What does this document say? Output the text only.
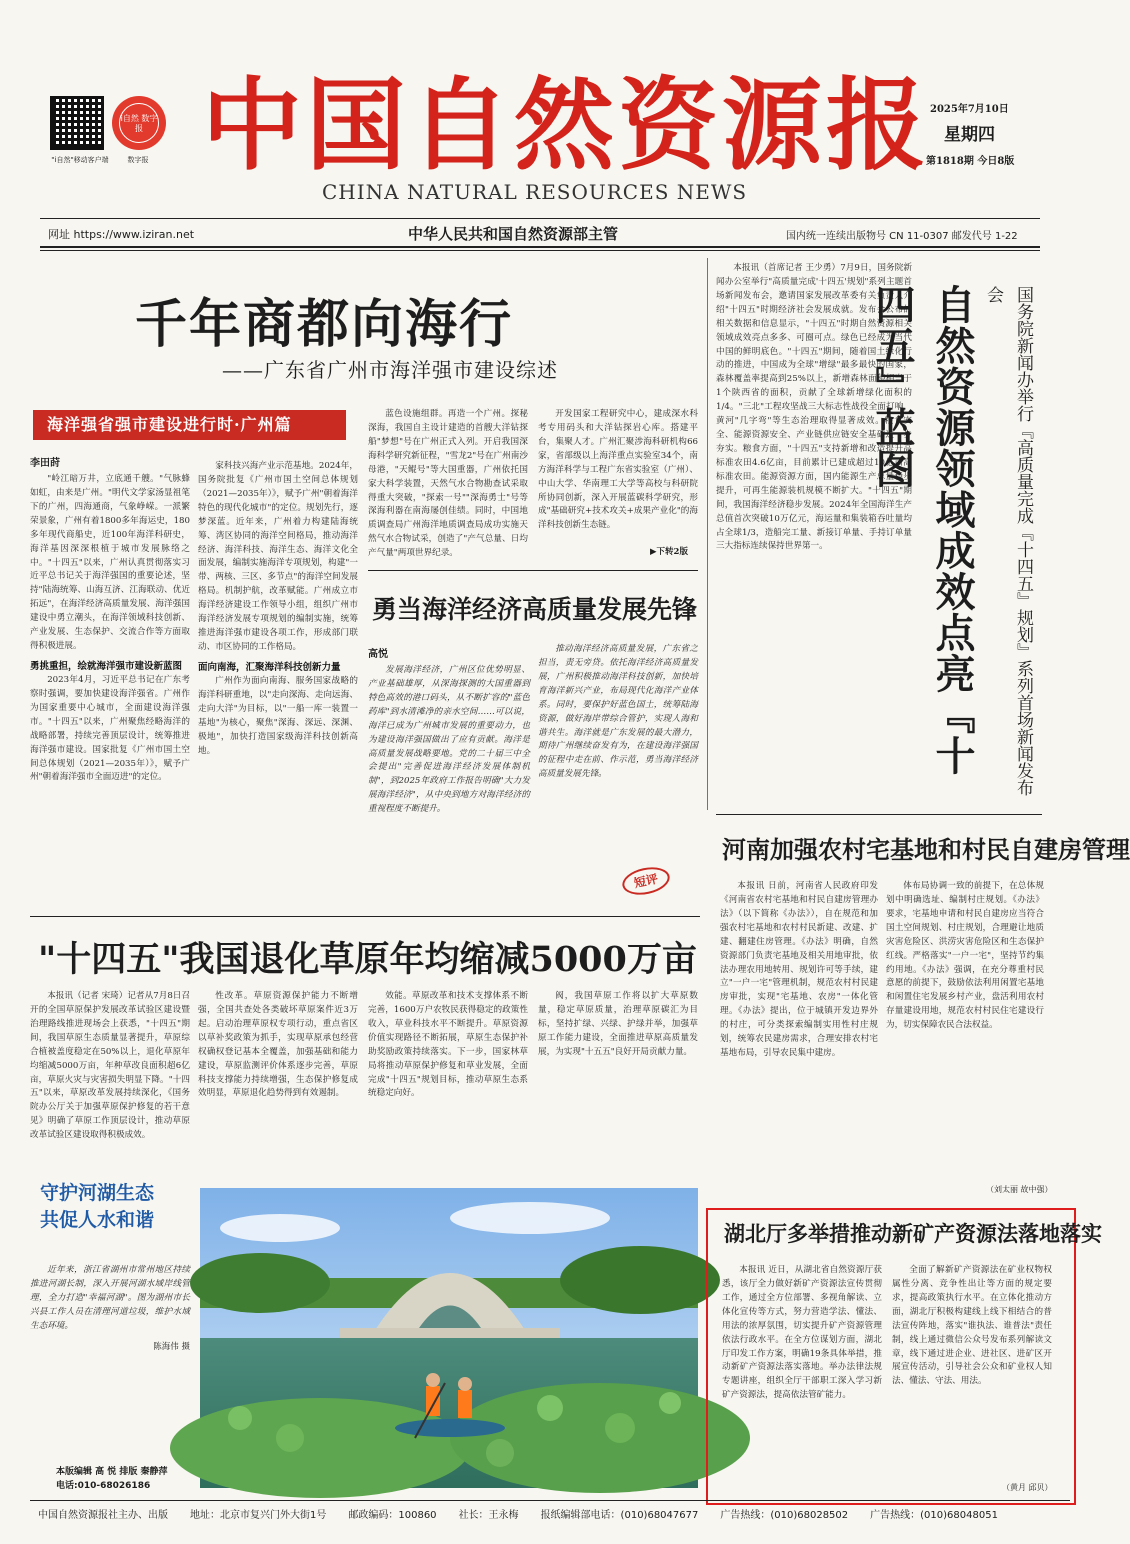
"i自然"移动客户端
i自然 数字报
数字报 中国自然资源报
CHINA NATURAL RESOURCES NEWS
2025年7月10日
星期四
第1818期 今日8版
网址 https://www.iziran.net	中华人民共和国自然资源部主管	国内统一连续出版物号 CN 11-0307 邮发代号 1-22
千年商都向海行
——广东省广州市海洋强市建设综述
海洋强省强市建设进行时·广州篇
李田莳

"岭江暗万井，立底通千艘。"气脉蜂如虹，由来是广州。"明代文学家汤显祖笔下的广州，四海通商，气象峥嵘。一派繁荣景象，广州有着1800多年海运史，180多年现代商船史，近100年海洋科研史，海洋基因深深根植于城市发展脉络之中。"十四五"以来，广州认真贯彻落实习近平总书记关于海洋强国的重要论述，坚持"陆海统筹、山海互济、江海联动、优近拓远"，在海洋经济高质量发展、海洋强国建设中勇立潮头，在海洋领域科技创新、产业发展、生态保护、交流合作等方面取得积极进展。

勇挑重担，绘就海洋强市建设新蓝图

2023年4月，习近平总书记在广东考察时强调，要加快建设海洋强省。广州作为国家重要中心城市，全面建设海洋强市。"十四五"以来，广州聚焦经略海洋的战略部署，持续完善顶层设计，统筹推进海洋强市建设。国家批复《广州市国土空间总体规划（2021—2035年）》，赋予广州"朝着海洋强市全面迈进"的定位。

家科技兴海产业示范基地。2024年，国务院批复《广州市国土空间总体规划（2021—2035年）》，赋予广州"朝着海洋特色的现代化城市"的定位。规划先行，逐梦深蓝。近年来，广州着力构建陆海统筹、湾区协同的海洋空间格局，推动海洋经济、海洋科技、海洋生态、海洋文化全面发展，编制实施海洋专项规划，构建"一带、两核、三区、多节点"的海洋空间发展格局。机制护航，改革赋能。广州成立市海洋经济建设工作领导小组，组织广州市海洋经济发展专项规划的编制实施，统筹推进海洋强市建设各项工作，形成部门联动、市区协同的工作格局。

面向南海，汇聚海洋科技创新力量

广州作为面向南海、服务国家战略的海洋科研重地，以"走向深海、走向远海、走向大洋"为目标，以"一船一库一装置一基地"为核心，聚焦"深海、深远、深渊、极地"，加快打造国家级海洋科技创新高地。

蓝色设施组群。再造一个广州。探秘深海，我国自主设计建造的首艘大洋钻探船"梦想"号在广州正式入列。开启我国深海科学研究新征程，"雪龙2"号在广州南沙母港，"天鲲号"等大国重器，广州依托国家大科学装置，天然气水合物勘查试采取得重大突破，"探索一号""深海勇士"号等深海利器在南海屡创佳绩。同时，中国地质调查局广州海洋地质调查局成功实施天然气水合物试采，创造了"产气总量、日均产气量"两项世界纪录。

开发国家工程研究中心，建成深水科考专用码头和大洋钻探岩心库。搭建平台，集聚人才。广州汇聚涉海科研机构66家，省部级以上海洋重点实验室34个，南方海洋科学与工程广东省实验室（广州）、中山大学、华南理工大学等高校与科研院所协同创新，深入开展蓝碳科学研究，形成"基础研究+技术攻关+成果产业化"的海洋科技创新生态链。

▶下转2版
勇当海洋经济高质量发展先锋
高悦

发展海洋经济，广州区位优势明显、产业基础雄厚，从深海探测的大国重器到特色高效的港口码头，从不断扩容的"蓝色药库"到水清滩净的亲水空间……可以说，海洋已成为广州城市发展的重要动力，也为建设海洋强国做出了应有贡献。海洋是高质量发展战略要地。党的二十届三中全会提出"完善促进海洋经济发展体制机制"，到2025年政府工作报告明确"大力发展海洋经济"，从中央到地方对海洋经济的重视程度不断提升。

推动海洋经济高质量发展，广东省之担当，责无旁贷。依托海洋经济高质量发展，广州积极推动海洋科技创新，加快培育海洋新兴产业，布局现代化海洋产业体系。同时，要保护好蓝色国土，统筹陆海资源，做好海岸带综合管护，实现人海和谐共生。海洋就是广东发展的最大潜力，期待广州继续奋发有为，在建设海洋强国的征程中走在前、作示范，勇当海洋经济高质量发展先锋。

短评

本报讯（首席记者 王少勇）7月9日，国务院新闻办公室举行"高质量完成'十四五'规划"系列主题首场新闻发布会，邀请国家发展改革委有关负责人介绍"十四五"时期经济社会发展成就。发布会公布的相关数据和信息显示，"十四五"时期自然资源相关领域成效亮点多多、可圈可点。绿色已经成为当代中国的鲜明底色。"十四五"期间，随着国土绿化行动的推进，中国成为全球"增绿"最多最快的国家，森林覆盖率提高到25%以上，新增森林面积相当于1个陕西省的面积，贡献了全球新增绿化面积的1/4。"三北"工程攻坚战三大标志性战役全面打响，黄河"几字弯"等生态治理取得显著成效。粮食安全、能源资源安全、产业链供应链安全基础进一步夯实。粮食方面，"十四五"支持新增和改造提升高标准农田4.6亿亩，目前累计已建成超过10亿亩高标准农田。能源资源方面，国内能源生产总量稳步提升，可再生能源装机规模不断扩大。"十四五"期间，我国海洋经济稳步发展。2024年全国海洋生产总值首次突破10万亿元，海运量和集装箱吞吐量均占全球1/3，造船完工量、新接订单量、手持订单量三大指标连续保持世界第一。	自然资源领域成效点亮『十四五』蓝图	国务院新闻办举行『高质量完成『十四五』规划』系列首场新闻发布会
河南加强农村宅基地和村民自建房管理

本报讯 日前，河南省人民政府印发《河南省农村宅基地和村民自建房管理办法》（以下简称《办法》），自在规范和加强农村宅基地和农村村民新建、改建、扩建、翻建住房管理。《办法》明确，自然资源部门负责宅基地及相关用地审批，依法办理农用地转用、规划许可等手续，建立"一户一宅"管理机制，规范农村村民建房审批，实现"宅基地、农房"一体化管理。《办法》提出，位于城镇开发边界外的村庄，可分类探索编制实用性村庄规划，统筹农民建房需求，合理安排农村宅基地布局，引导农民集中建房。

体布局协调一致的前提下，在总体规划中明确选址、编制村庄规划。《办法》要求，宅基地申请和村民自建房应当符合国土空间规划、村庄规划，合理避让地质灾害危险区、洪涝灾害危险区和生态保护红线。严格落实"一户一宅"，坚持节约集约用地。《办法》强调，在充分尊重村民意愿的前提下，鼓励依法利用闲置宅基地和闲置住宅发展乡村产业，盘活利用农村存量建设用地，规范农村村民住宅建设行为，切实保障农民合法权益。

（刘太丽 故中强）
"十四五"我国退化草原年均缩减5000万亩

本报讯（记者 宋琦）记者从7月8日召开的全国草原保护发展改革试验区建设暨治理路线推进现场会上获悉，"十四五"期间，我国草原生态质量显著提升，草原综合植被盖度稳定在50%以上，退化草原年均缩减5000万亩，年种草改良面积超6亿亩，草原火灾与灾害损失明显下降。"十四五"以来，草原改革发展持续深化，《国务院办公厅关于加强草原保护修复的若干意见》明确了草原工作顶层设计，推动草原改革试验区建设取得积极成效。

性改革。草原资源保护能力不断增强，全国共查处各类破坏草原案件近3万起。启动治理草原权专项行动，重点省区以草补奖政策为抓手，实现草原承包经营权确权登记基本全覆盖，加强基础和能力建设，草原监测评价体系逐步完善，草原科技支撑能力持续增强，生态保护修复成效明显，草原退化趋势得到有效遏制。

效能。草原改革和技术支撑体系不断完善，1600万户农牧民获得稳定的政策性收入，草业科技水平不断提升。草原资源价值实现路径不断拓展，草原生态保护补助奖励政策持续落实。下一步，国家林草局将推动草原保护修复和草业发展，全面完成"十四五"规划目标，推动草原生态系统稳定向好。

阀，我国草原工作将以扩大草原数量，稳定草原质量，治理草原碳汇为目标，坚持扩绿、兴绿、护绿并举，加强草原工作能力建设，全面推进草原高质量发展，为实现"十五五"良好开局贡献力量。

守护河湖生态
共促人水和谐

近年来，浙江省湖州市常州地区持续推进河湖长制，深入开展河湖水域岸线管理，全力打造"幸福河湖"。图为湖州市长兴县工作人员在清理河道垃圾，维护水域生态环境。

陈海伟 摄
湖北厅多举措推动新矿产资源法落地落实

本报讯 近日，从湖北省自然资源厅获悉，该厅全力做好新矿产资源法宣传贯彻工作，通过全方位部署、多视角解读、立体化宣传等方式，努力营造学法、懂法、用法的浓厚氛围，切实提升矿产资源管理依法行政水平。在全方位谋划方面，湖北厅印发工作方案，明确19条具体举措，推动新矿产资源法落实落地。举办法律法规专题讲座，组织全厅干部职工深入学习新矿产资源法，提高依法管矿能力。

全面了解新矿产资源法在矿业权物权属性分离、竞争性出让等方面的规定要求，提高政策执行水平。在立体化推动方面，湖北厅积极构建线上线下相结合的普法宣传阵地，落实"谁执法、谁普法"责任制，线上通过微信公众号发布系列解读文章，线下通过进企业、进社区、进矿区开展宣传活动，引导社会公众和矿业权人知法、懂法、守法、用法。

（黄月 邱贝）
本版编辑 高 悦 排版 秦静萍
电话:010-68026186
中国自然资源报社主办、出版 地址：北京市复兴门外大街1号 邮政编码：100860 社长：王永梅 报纸编辑部电话：(010)68047677 广告热线：(010)68028502 广告热线：(010)68048051
